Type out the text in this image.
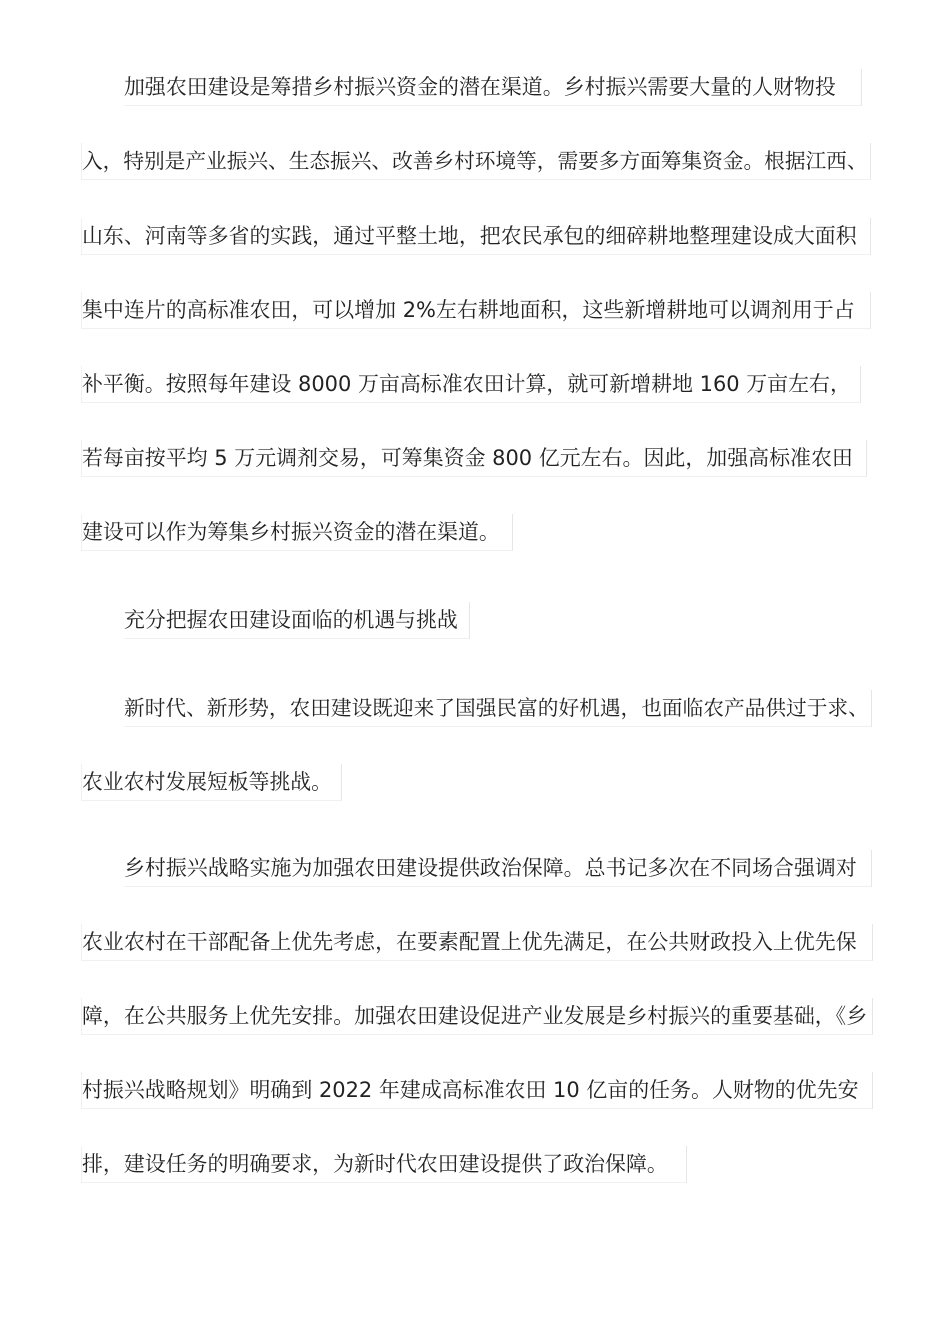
加强农田建设是筹措乡村振兴资金的潜在渠道。乡村振兴需要大量的人财物投
入，特别是产业振兴、生态振兴、改善乡村环境等，需要多方面筹集资金。根据江西、
山东、河南等多省的实践，通过平整土地，把农民承包的细碎耕地整理建设成大面积
集中连片的高标准农田，可以增加 2%左右耕地面积，这些新增耕地可以调剂用于占
补平衡。按照每年建设 8000 万亩高标准农田计算，就可新增耕地 160 万亩左右，
若每亩按平均 5 万元调剂交易，可筹集资金 800 亿元左右。因此，加强高标准农田
建设可以作为筹集乡村振兴资金的潜在渠道。
充分把握农田建设面临的机遇与挑战
新时代、新形势，农田建设既迎来了国强民富的好机遇，也面临农产品供过于求、
农业农村发展短板等挑战。
乡村振兴战略实施为加强农田建设提供政治保障。总书记多次在不同场合强调对
农业农村在干部配备上优先考虑，在要素配置上优先满足，在公共财政投入上优先保
障，在公共服务上优先安排。加强农田建设促进产业发展是乡村振兴的重要基础，《乡
村振兴战略规划》明确到 2022 年建成高标准农田 10 亿亩的任务。人财物的优先安
排，建设任务的明确要求，为新时代农田建设提供了政治保障。
